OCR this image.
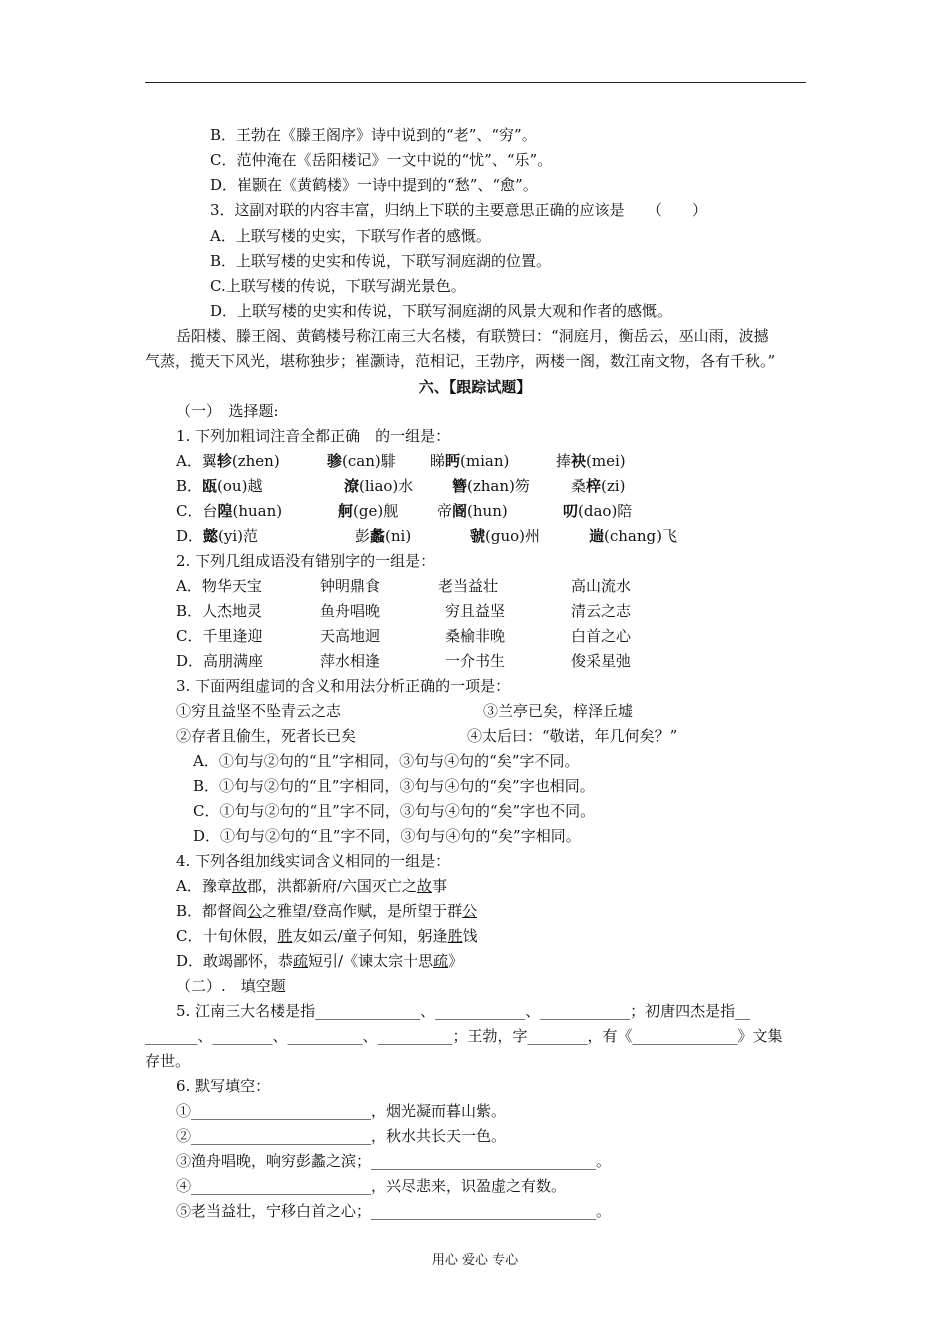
B．王勃在《滕王阁序》诗中说到的“老”、“穷”。
C．范仲淹在《岳阳楼记》一文中说的“忧”、“乐”。
D．崔颢在《黄鹤楼》一诗中提到的“愁”、“愈”。
3．这副对联的内容丰富，归纳上下联的主要意思正确的应该是　　（　　）
A．上联写楼的史实，下联写作者的感慨。
B．上联写楼的史实和传说，下联写洞庭湖的位置。
C.上联写楼的传说，下联写湖光景色。
D．上联写楼的史实和传说，下联写洞庭湖的风景大观和作者的感慨。
岳阳楼、滕王阁、黄鹤楼号称江南三大名楼，有联赞曰：“洞庭月，衡岳云，巫山雨，波撼
气蒸，揽天下风光，堪称独步；崔灏诗，范相记，王勃序，两楼一阁，数江南文物，各有千秋。”
六、【跟踪试题】
（一）　选择题:
1. 下列加粗词注音全都正确　的一组是：
A．翼轸(zhen)	骖(can)騑 睇眄(mian)	捧袂(mei)
B．瓯(ou)越	潦(liao)水	簪(zhan)笏	桑梓(zi)
C．台隍(huan)	舸(ge)舰	帝阍(hun)	叨(dao)陪
D．懿(yi)范	彭蠡(ni)	虢(guo)州	遄(chang)飞
2. 下列几组成语没有错别字的一组是：
A．物华天宝	钟明鼎食	老当益壮	高山流水
B．人杰地灵	鱼舟唱晚	穷且益坚	清云之志
C．千里逢迎	天高地迥	桑榆非晚	白首之心
D．高朋满座	萍水相逢	一介书生	俊采星弛
3. 下面两组虚词的含义和用法分析正确的一项是：
①穷且益坚不坠青云之志	③兰亭已矣，梓泽丘墟
②存者且偷生，死者长已矣	④太后曰：“敬诺，年几何矣？”
A．①句与②句的“且”字相同，③句与④句的“矣”字不同。
B．①句与②句的“且”字相同，③句与④句的“矣”字也相同。
C．①句与②句的“且”字不同，③句与④句的“矣”字也不同。
D．①句与②句的“且”字不同，③句与④句的“矣”字相同。
4. 下列各组加线实词含义相同的一组是：
A．豫章故郡，洪都新府/六国灭亡之故事
B．都督阎公之雅望/登高作赋，是所望于群公
C．十旬休假，胜友如云/童子何知，躬逢胜饯
D．敢竭鄙怀，恭疏短引/《谏太宗十思疏》
（二）.　填空题
5. 江南三大名楼是指______________、____________、____________；初唐四杰是指__
_______、________、__________、__________；王勃，字________，有《______________》文集
存世。
6. 默写填空：
①________________________，烟光凝而暮山紫。
②________________________，秋水共长天一色。
③渔舟唱晚，响穷彭蠡之滨；______________________________。
④________________________，兴尽悲来，识盈虚之有数。
⑤老当益壮，宁移白首之心；______________________________。
用心 爱心 专心
